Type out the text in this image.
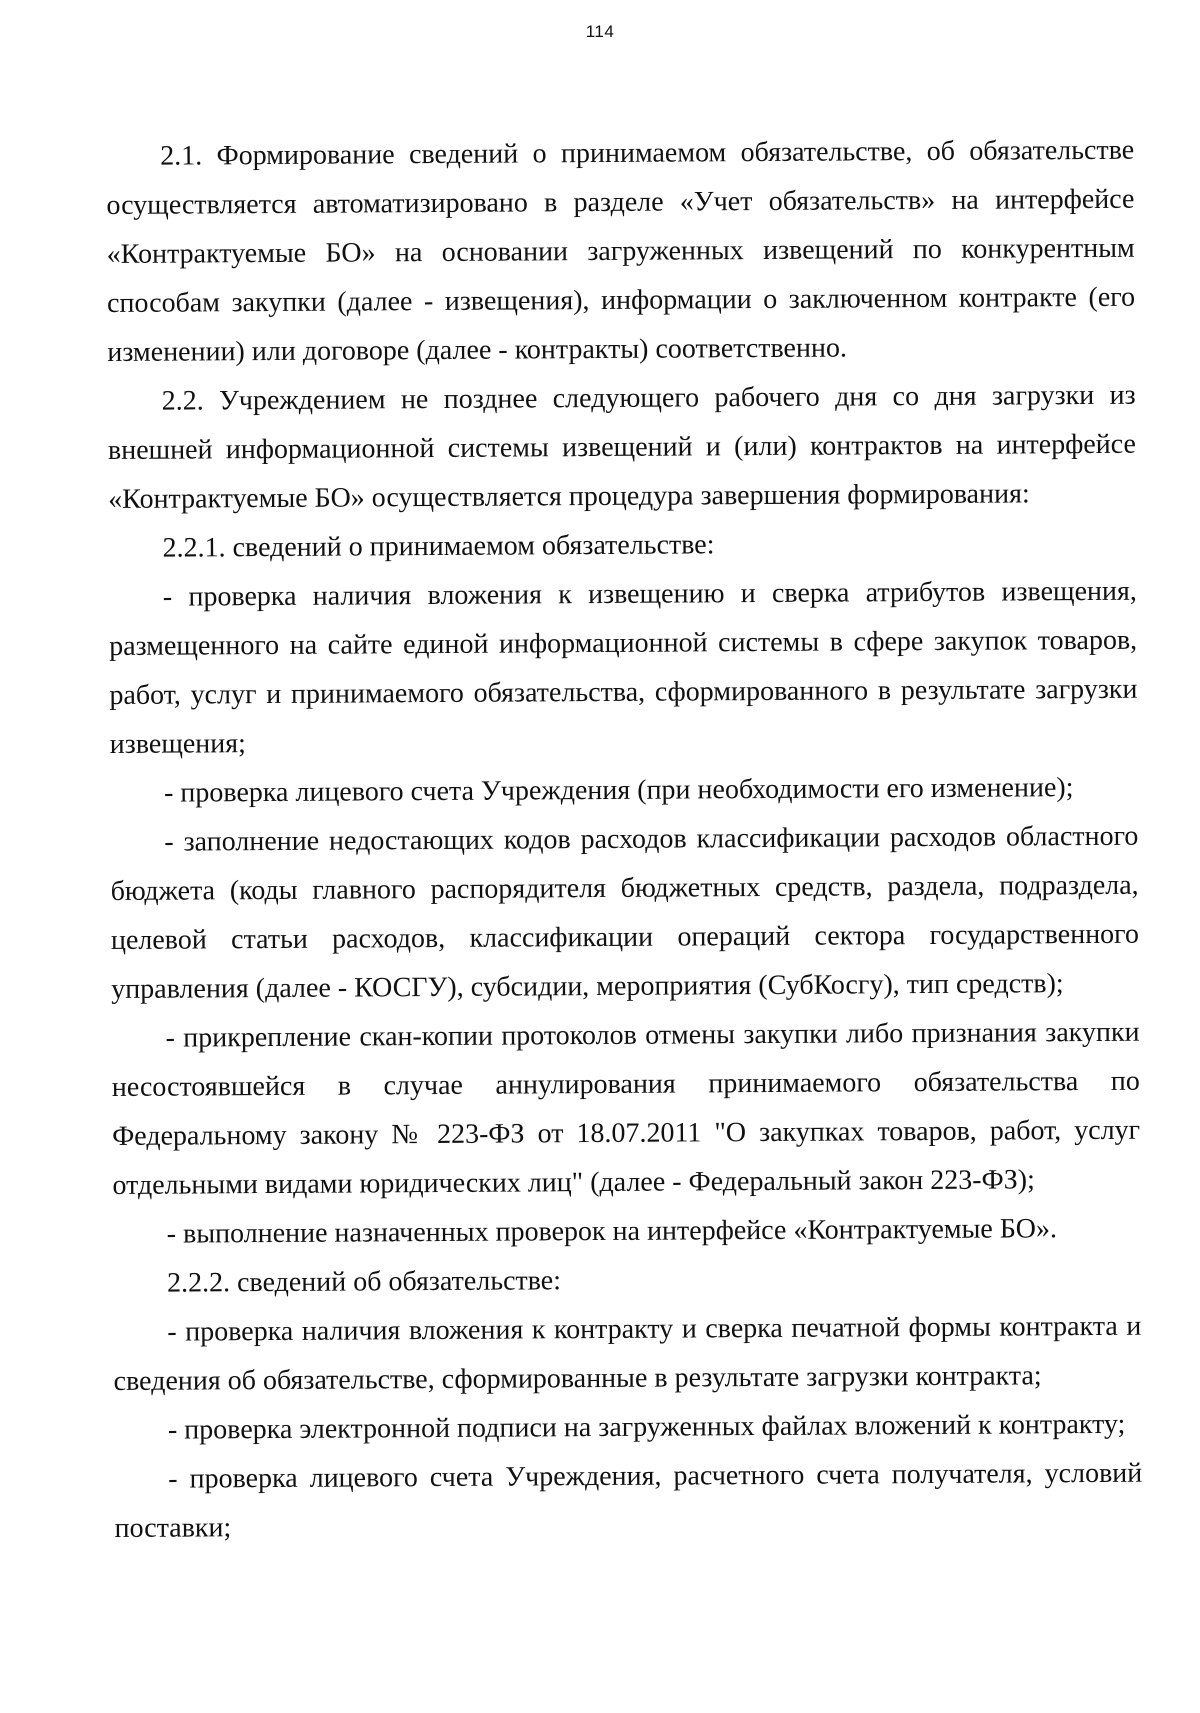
114

2.1. Формирование сведений о принимаемом обязательстве, об обязательстве осуществляется автоматизировано в разделе «Учет обязательств» на интерфейсе «Контрактуемые БО» на основании загруженных извещений по конкурентным способам закупки (далее - извещения), информации о заключенном контракте (его изменении) или договоре (далее - контракты) соответственно.

2.2. Учреждением не позднее следующего рабочего дня со дня загрузки из внешней информационной системы извещений и (или) контрактов на интерфейсе «Контрактуемые БО» осуществляется процедура завершения формирования:

2.2.1. сведений о принимаемом обязательстве:

- проверка наличия вложения к извещению и сверка атрибутов извещения, размещенного на сайте единой информационной системы в сфере закупок товаров, работ, услуг и принимаемого обязательства, сформированного в результате загрузки извещения;

- проверка лицевого счета Учреждения (при необходимости его изменение);

- заполнение недостающих кодов расходов классификации расходов областного бюджета (коды главного распорядителя бюджетных средств, раздела, подраздела, целевой статьи расходов, классификации операций сектора государственного управления (далее - КОСГУ), субсидии, мероприятия (СубКосгу), тип средств);

- прикрепление скан-копии протоколов отмены закупки либо признания закупки несостоявшейся в случае аннулирования принимаемого обязательства по Федеральному закону № 223-ФЗ от 18.07.2011 "О закупках товаров, работ, услуг отдельными видами юридических лиц" (далее - Федеральный закон 223-ФЗ);

- выполнение назначенных проверок на интерфейсе «Контрактуемые БО».

2.2.2. сведений об обязательстве:

- проверка наличия вложения к контракту и сверка печатной формы контракта и сведения об обязательстве, сформированные в результате загрузки контракта;

- проверка электронной подписи на загруженных файлах вложений к контракту;

- проверка лицевого счета Учреждения, расчетного счета получателя, условий поставки;
